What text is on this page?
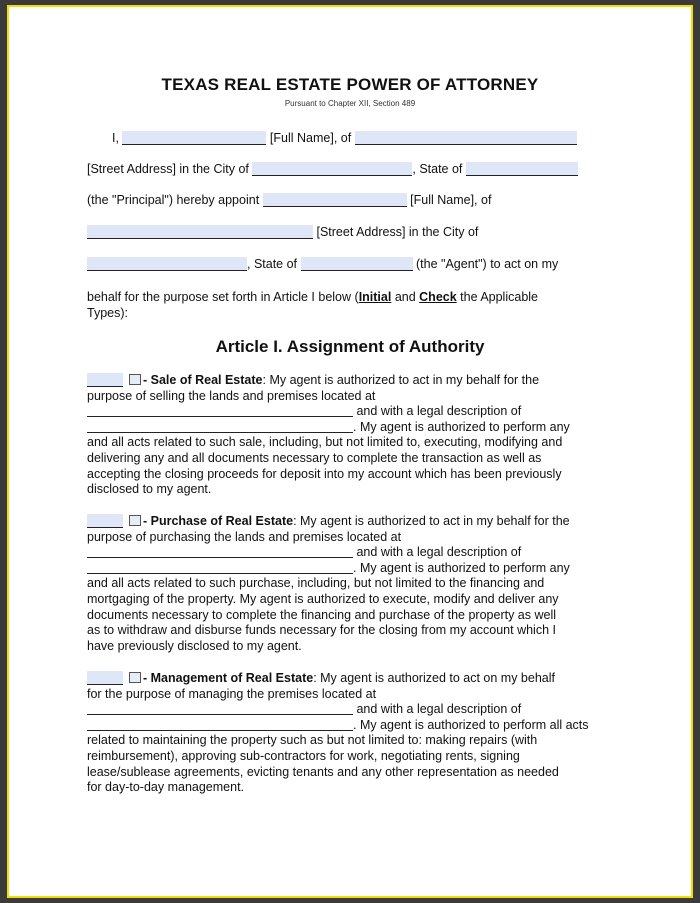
TEXAS REAL ESTATE POWER OF ATTORNEY
Pursuant to Chapter XII, Section 489
I,	[Full Name], of
[Street Address] in the City of	, State of
(the "Principal") hereby appoint	[Full Name], of
[Street Address] in the City of
, State of	(the "Agent") to act on my
behalf for the purpose set forth in Article I below (Initial and Check the Applicable
Types):
Article I. Assignment of Authority
- Sale of Real Estate: My agent is authorized to act in my behalf for the
purpose of selling the lands and premises located at
and with a legal description of
. My agent is authorized to perform any
and all acts related to such sale, including, but not limited to, executing, modifying and
delivering any and all documents necessary to complete the transaction as well as
accepting the closing proceeds for deposit into my account which has been previously
disclosed to my agent.
- Purchase of Real Estate: My agent is authorized to act in my behalf for the
purpose of purchasing the lands and premises located at
and with a legal description of
. My agent is authorized to perform any
and all acts related to such purchase, including, but not limited to the financing and
mortgaging of the property. My agent is authorized to execute, modify and deliver any
documents necessary to complete the financing and purchase of the property as well
as to withdraw and disburse funds necessary for the closing from my account which I
have previously disclosed to my agent.
- Management of Real Estate: My agent is authorized to act on my behalf
for the purpose of managing the premises located at
and with a legal description of
. My agent is authorized to perform all acts
related to maintaining the property such as but not limited to: making repairs (with
reimbursement), approving sub-contractors for work, negotiating rents, signing
lease/sublease agreements, evicting tenants and any other representation as needed
for day-to-day management.
